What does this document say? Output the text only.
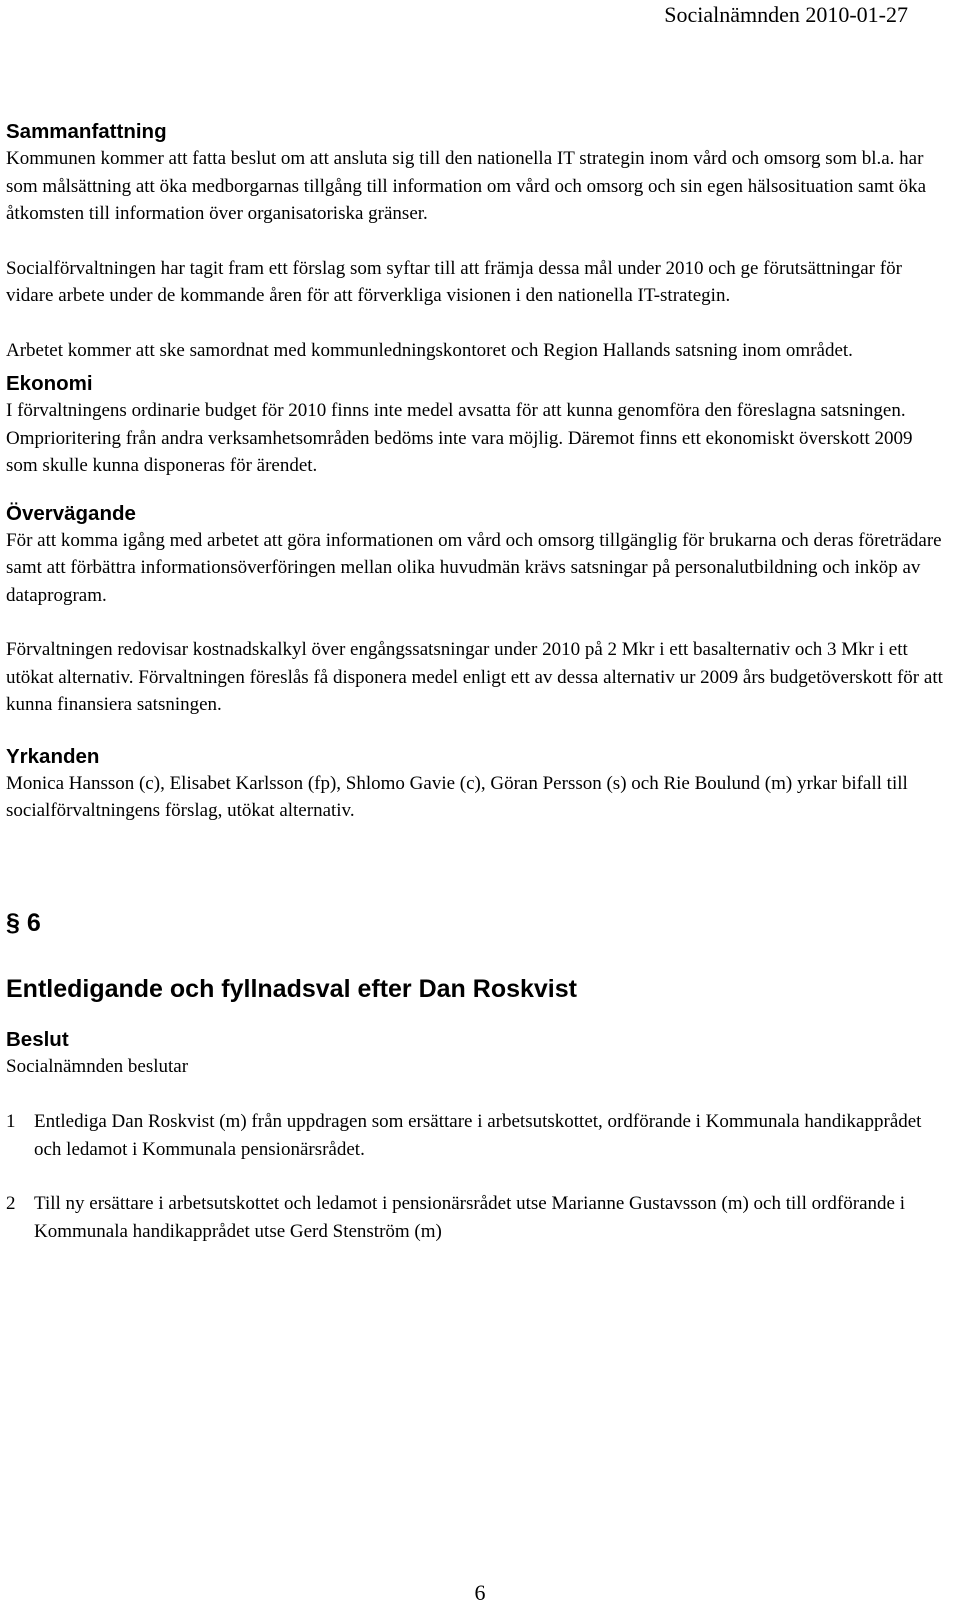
Socialnämnden 2010-01-27
Sammanfattning

Kommunen kommer att fatta beslut om att ansluta sig till den nationella IT strategin inom vård och omsorg som bl.a. har som målsättning att öka medborgarnas tillgång till information om vård och omsorg och sin egen hälsosituation samt öka åtkomsten till information över organisatoriska gränser.

Socialförvaltningen har tagit fram ett förslag som syftar till att främja dessa mål under 2010 och ge förutsättningar för vidare arbete under de kommande åren för att förverkliga visionen i den nationella IT-strategin.

Arbetet kommer att ske samordnat med kommunledningskontoret och Region Hallands satsning inom området.

Ekonomi

I förvaltningens ordinarie budget för 2010 finns inte medel avsatta för att kunna genomföra den föreslagna satsningen. Omprioritering från andra verksamhetsområden bedöms inte vara möjlig. Däremot finns ett ekonomiskt överskott 2009 som skulle kunna disponeras för ärendet.

Övervägande

För att komma igång med arbetet att göra informationen om vård och omsorg tillgänglig för brukarna och deras företrädare samt att förbättra informationsöverföringen mellan olika huvudmän krävs satsningar på personalutbildning och inköp av dataprogram.

Förvaltningen redovisar kostnadskalkyl över engångssatsningar under 2010 på 2 Mkr i ett basalternativ och 3 Mkr i ett utökat alternativ. Förvaltningen föreslås få disponera medel enligt ett av dessa alternativ ur 2009 års budgetöverskott för att kunna finansiera satsningen.

Yrkanden

Monica Hansson (c), Elisabet Karlsson (fp), Shlomo Gavie (c), Göran Persson (s) och Rie Boulund (m) yrkar bifall till socialförvaltningens förslag, utökat alternativ.

§ 6
Entledigande och fyllnadsval efter Dan Roskvist
Beslut

Socialnämnden beslutar

1 Entlediga Dan Roskvist (m) från uppdragen som ersättare i arbetsutskottet, ordförande i Kommunala handikapprådet och ledamot i Kommunala pensionärsrådet.
2 Till ny ersättare i arbetsutskottet och ledamot i pensionärsrådet utse Marianne Gustavsson (m) och till ordförande i Kommunala handikapprådet utse Gerd Stenström (m)
6
